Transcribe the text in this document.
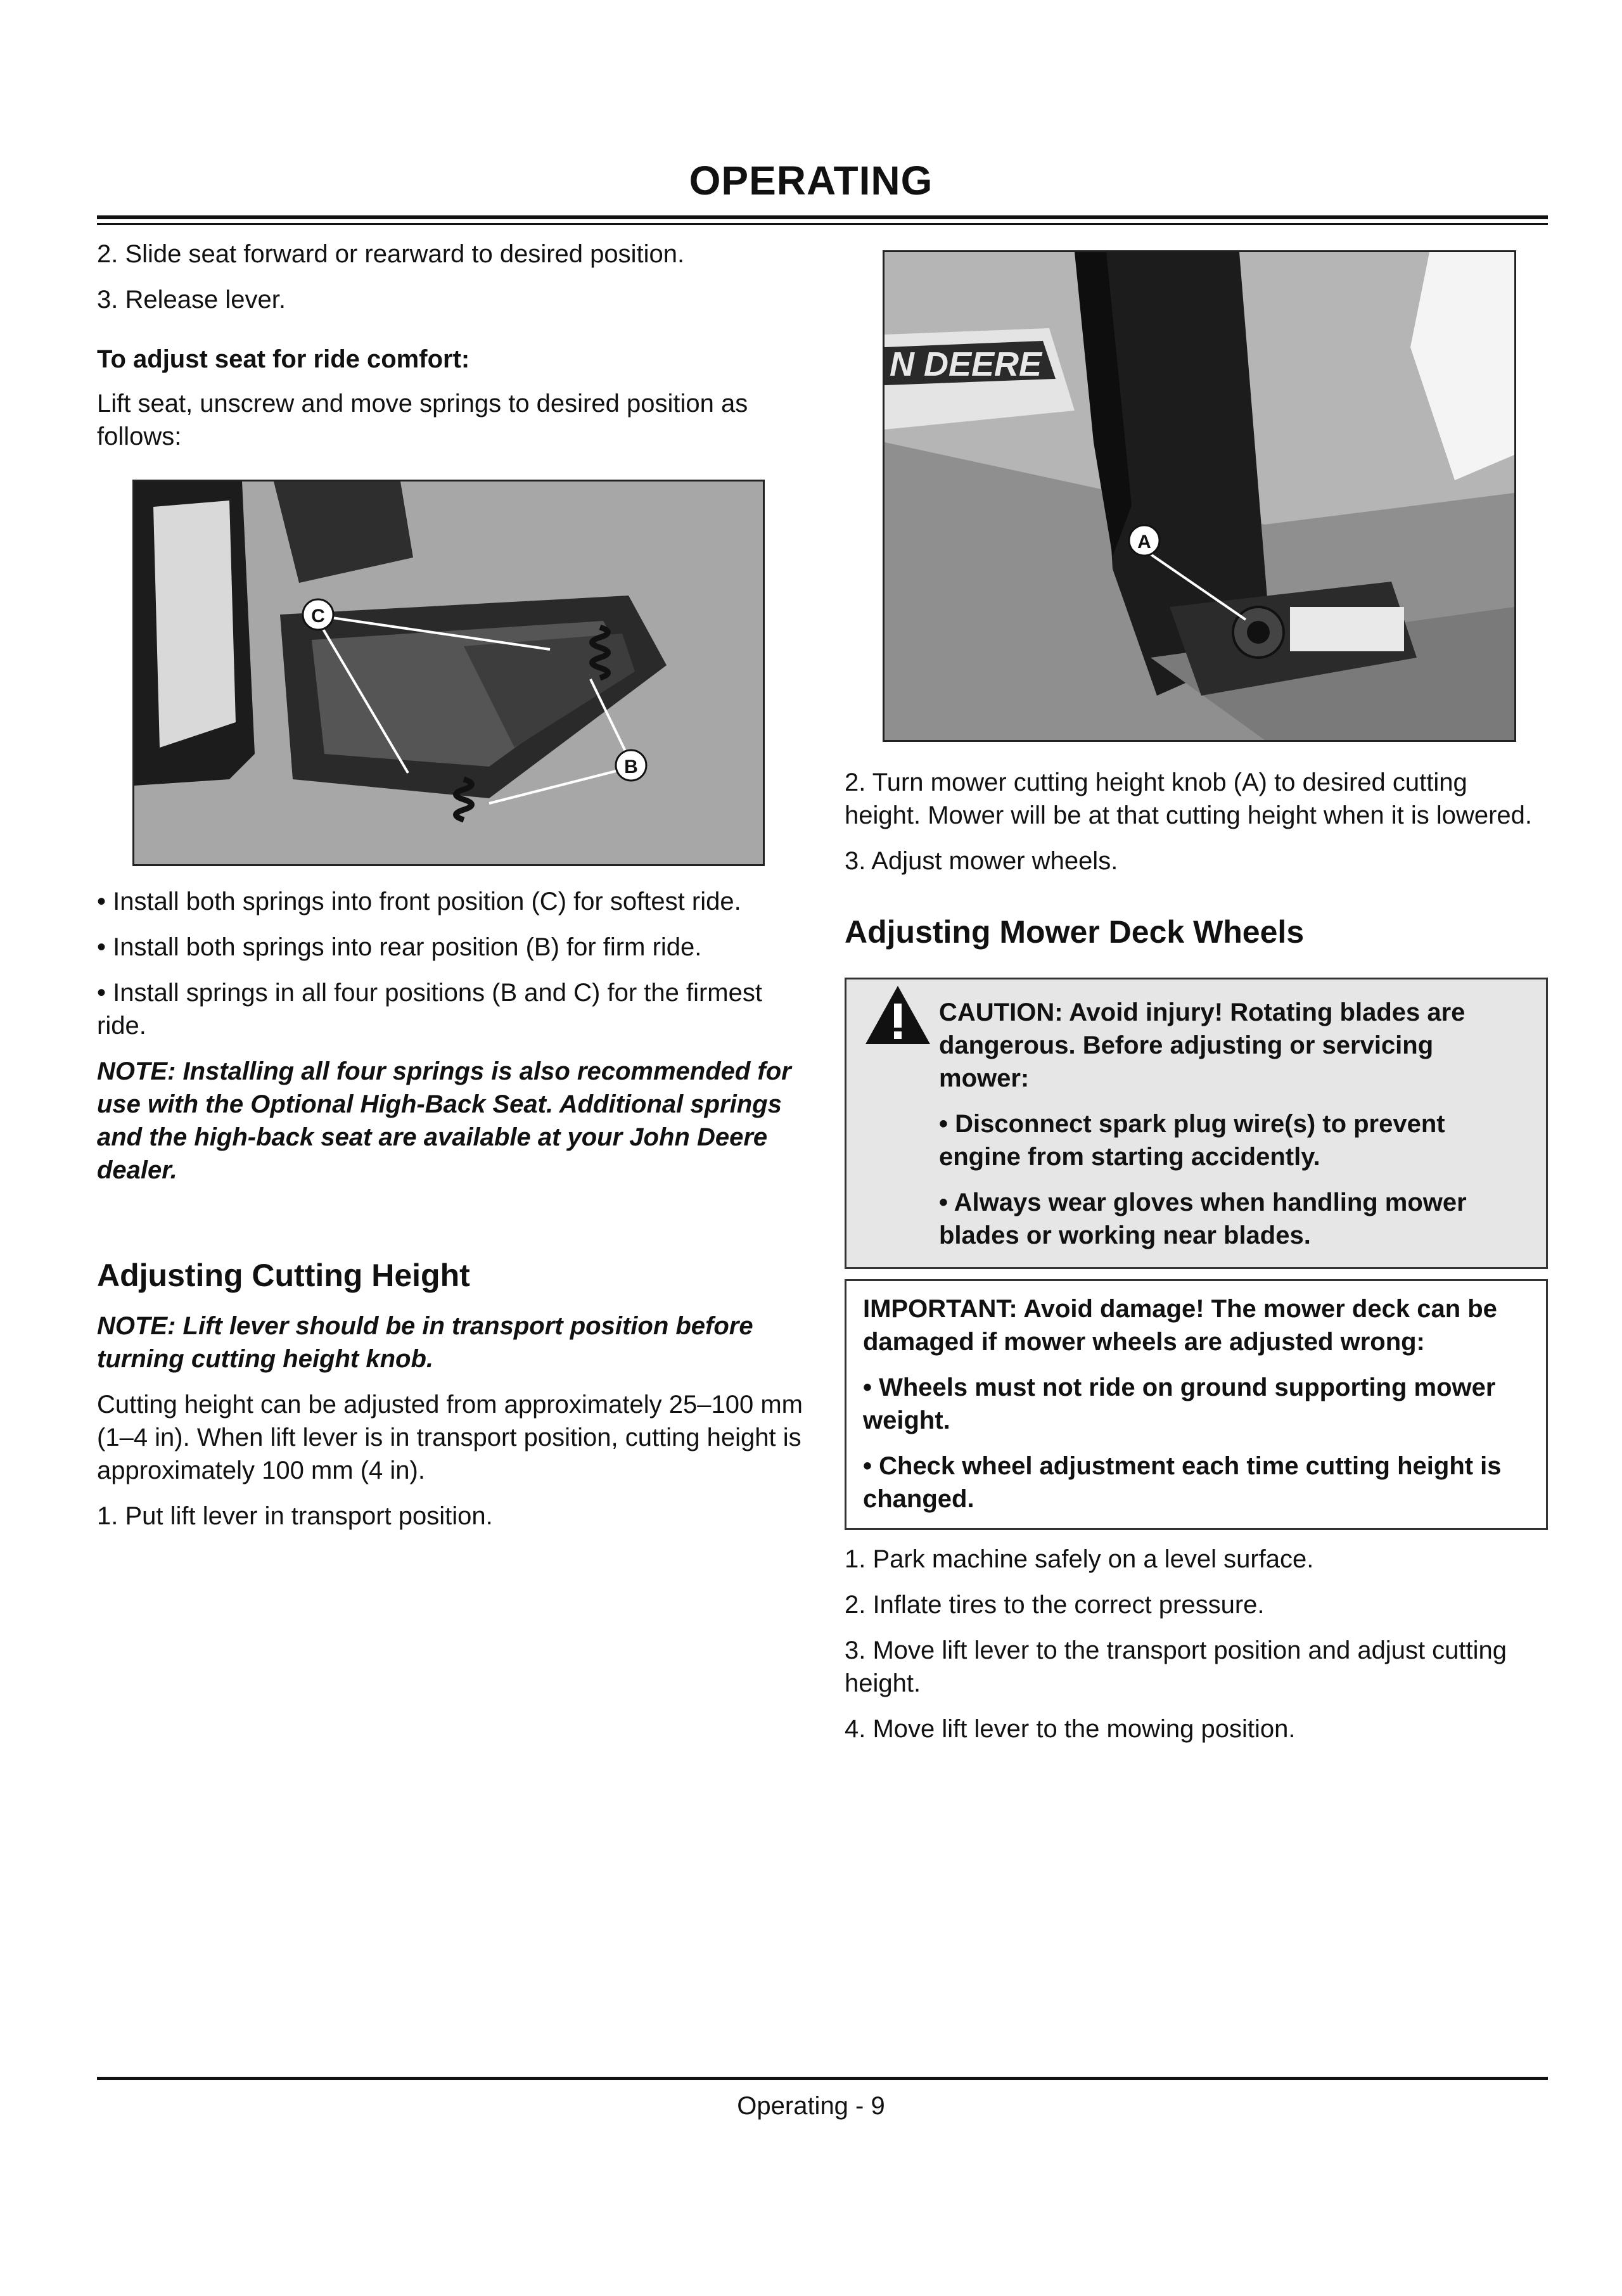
OPERATING

2. Slide seat forward or rearward to desired position.

3. Release lever.

To adjust seat for ride comfort:

Lift seat, unscrew and move springs to desired position as follows:

C
B

• Install both springs into front position (C) for softest ride.

• Install both springs into rear position (B) for firm ride.

• Install springs in all four positions (B and C) for the firmest ride.

NOTE: Installing all four springs is also recommended for use with the Optional High-Back Seat. Additional springs and the high-back seat are available at your John Deere dealer.

Adjusting Cutting Height

NOTE: Lift lever should be in transport position before turning cutting height knob.

Cutting height can be adjusted from approximately 25–100 mm (1–4 in). When lift lever is in transport position, cutting height is approximately 100 mm (4 in).

1. Put lift lever in transport position.

N DEERE
A

2. Turn mower cutting height knob (A) to desired cutting height. Mower will be at that cutting height when it is lowered.

3. Adjust mower wheels.

Adjusting Mower Deck Wheels

CAUTION: Avoid injury! Rotating blades are dangerous. Before adjusting or servicing mower:

• Disconnect spark plug wire(s) to prevent engine from starting accidently.

• Always wear gloves when handling mower blades or working near blades.

IMPORTANT: Avoid damage! The mower deck can be damaged if mower wheels are adjusted wrong:

• Wheels must not ride on ground supporting mower weight.

• Check wheel adjustment each time cutting height is changed.

1. Park machine safely on a level surface.

2. Inflate tires to the correct pressure.

3. Move lift lever to the transport position and adjust cutting height.

4. Move lift lever to the mowing position.

Operating - 9
